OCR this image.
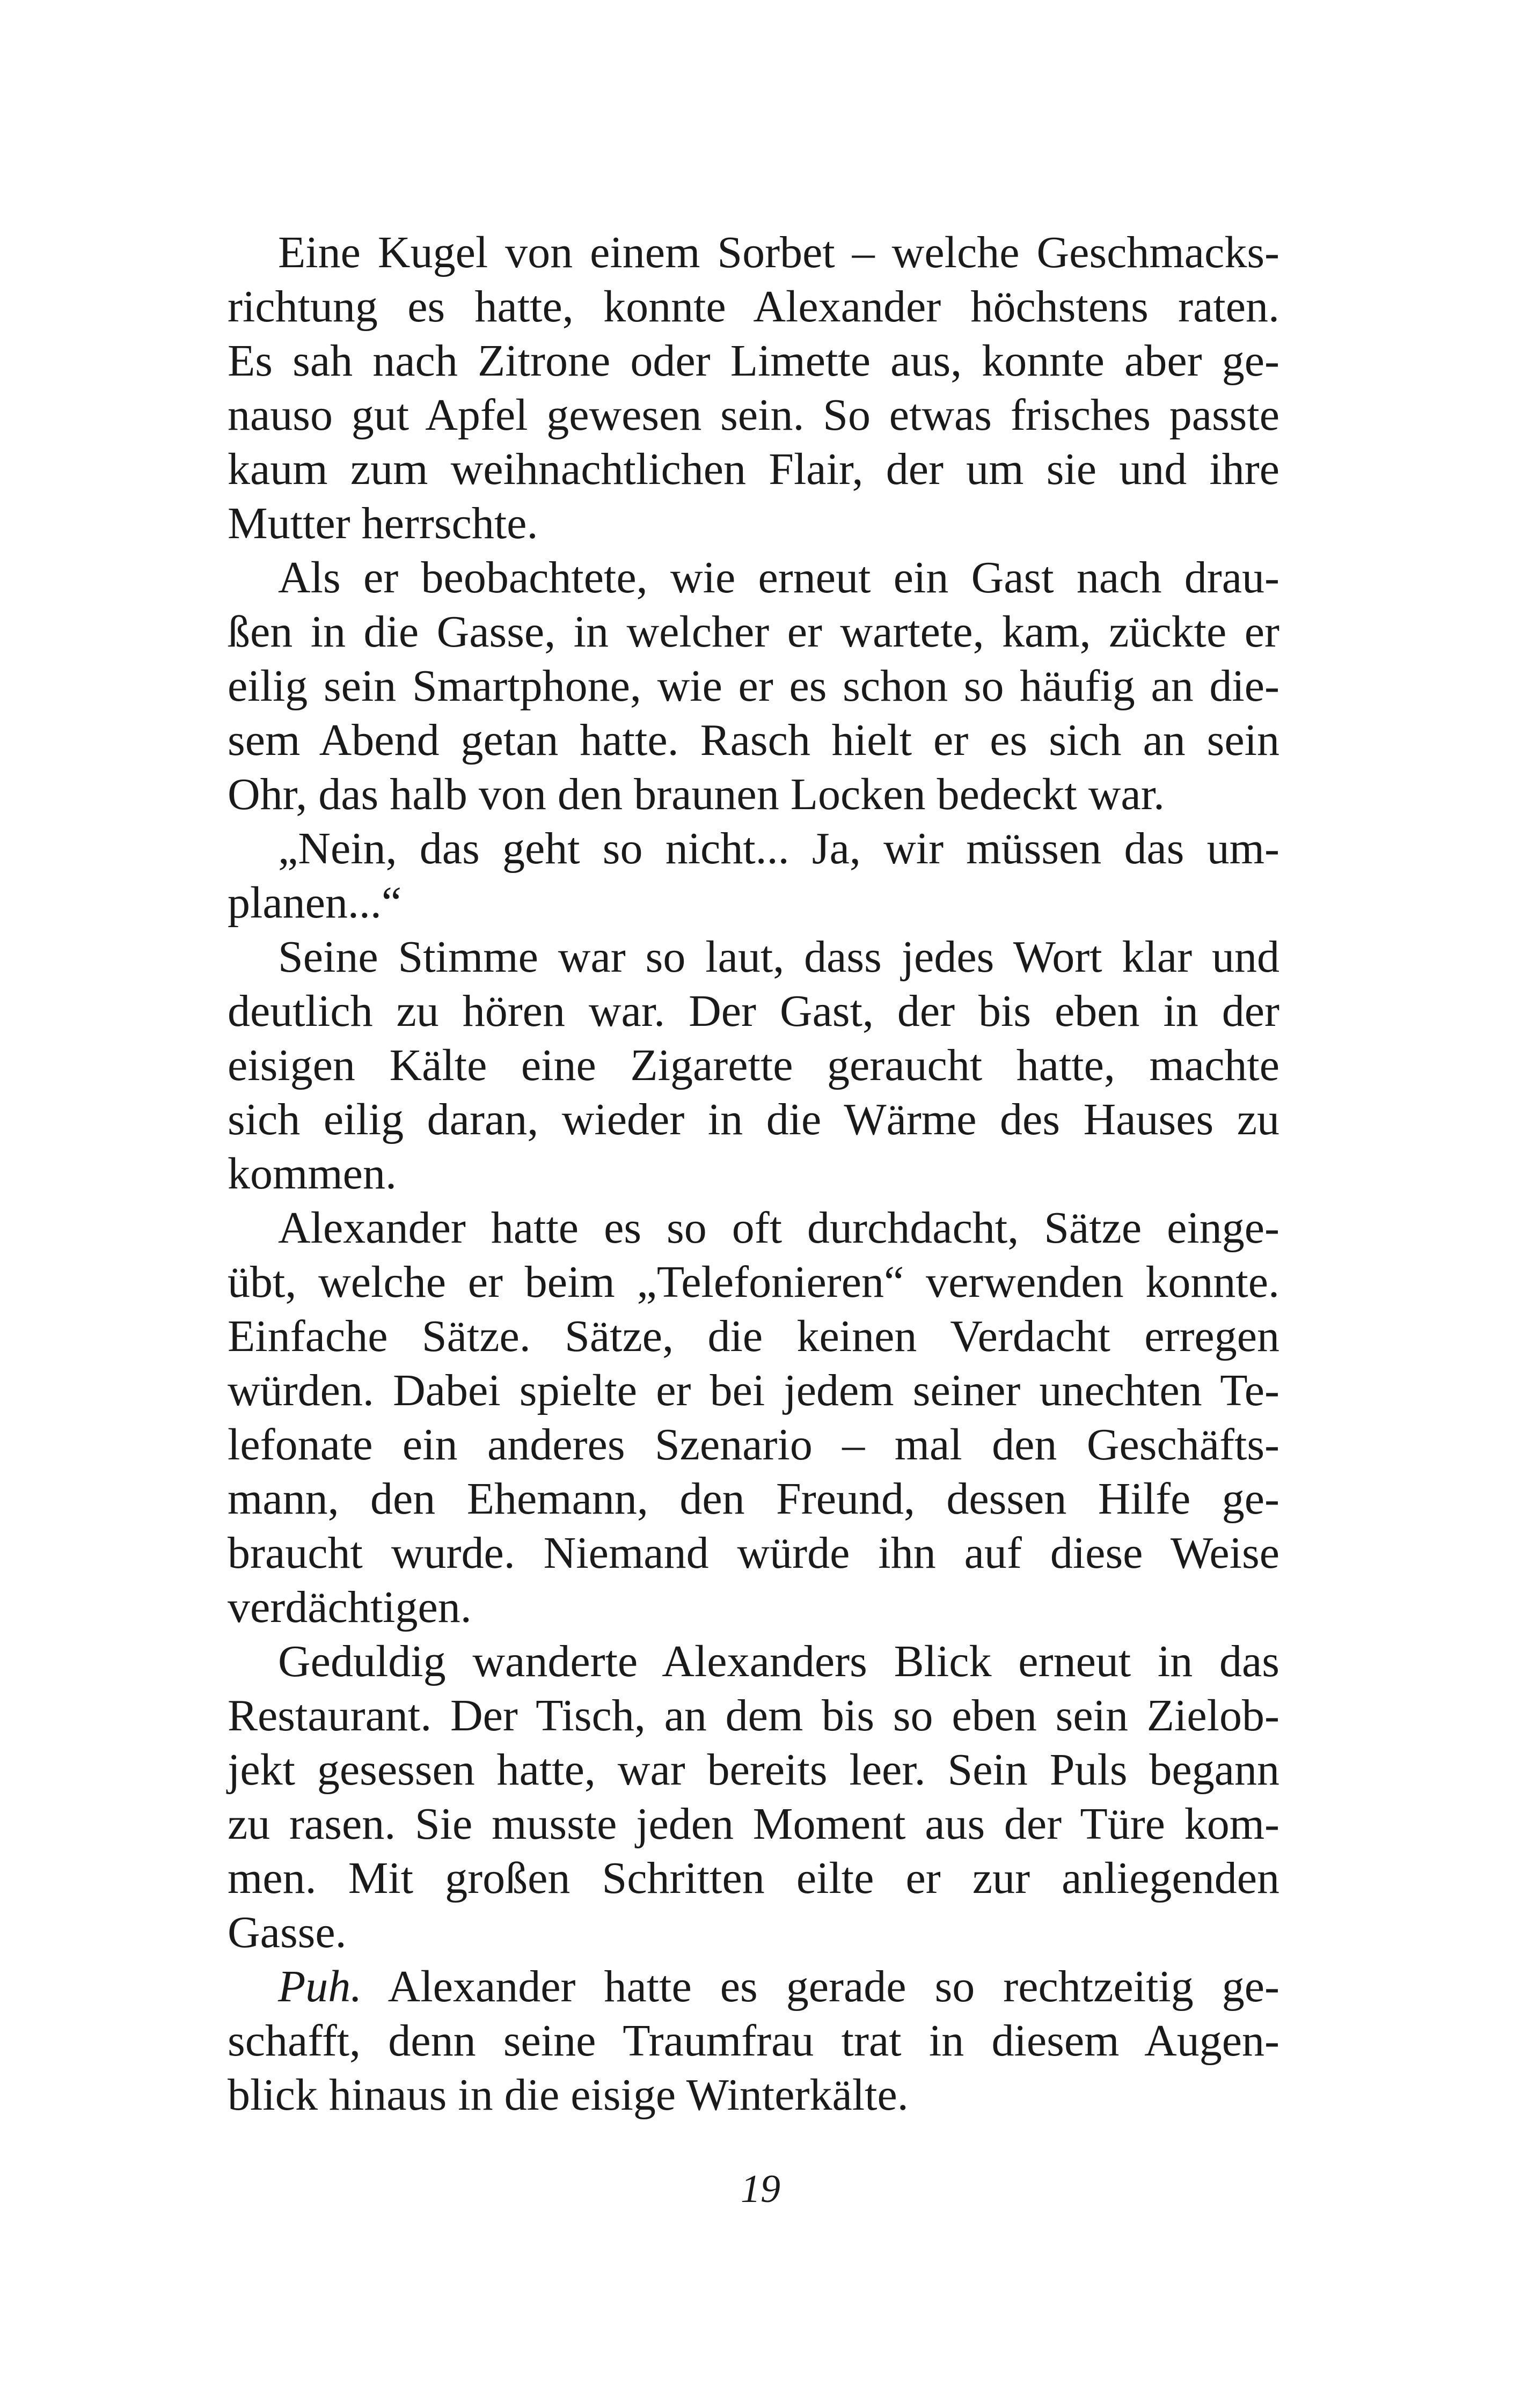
Eine Kugel von einem Sorbet – welche Geschmacks-
richtung es hatte, konnte Alexander höchstens raten.
Es sah nach Zitrone oder Limette aus, konnte aber ge-
nauso gut Apfel gewesen sein. So etwas frisches passte
kaum zum weihnachtlichen Flair, der um sie und ihre
Mutter herrschte.
Als er beobachtete, wie erneut ein Gast nach drau-
ßen in die Gasse, in welcher er wartete, kam, zückte er
eilig sein Smartphone, wie er es schon so häufig an die-
sem Abend getan hatte. Rasch hielt er es sich an sein
Ohr, das halb von den braunen Locken bedeckt war.
„Nein, das geht so nicht... Ja, wir müssen das um-
planen...“
Seine Stimme war so laut, dass jedes Wort klar und
deutlich zu hören war. Der Gast, der bis eben in der
eisigen Kälte eine Zigarette geraucht hatte, machte
sich eilig daran, wieder in die Wärme des Hauses zu
kommen.
Alexander hatte es so oft durchdacht, Sätze einge-
übt, welche er beim „Telefonieren“ verwenden konnte.
Einfache Sätze. Sätze, die keinen Verdacht erregen
würden. Dabei spielte er bei jedem seiner unechten Te-
lefonate ein anderes Szenario – mal den Geschäfts-
mann, den Ehemann, den Freund, dessen Hilfe ge-
braucht wurde. Niemand würde ihn auf diese Weise
verdächtigen.
Geduldig wanderte Alexanders Blick erneut in das
Restaurant. Der Tisch, an dem bis so eben sein Zielob-
jekt gesessen hatte, war bereits leer. Sein Puls begann
zu rasen. Sie musste jeden Moment aus der Türe kom-
men. Mit großen Schritten eilte er zur anliegenden
Gasse.
Puh. Alexander hatte es gerade so rechtzeitig ge-
schafft, denn seine Traumfrau trat in diesem Augen-
blick hinaus in die eisige Winterkälte.
19
